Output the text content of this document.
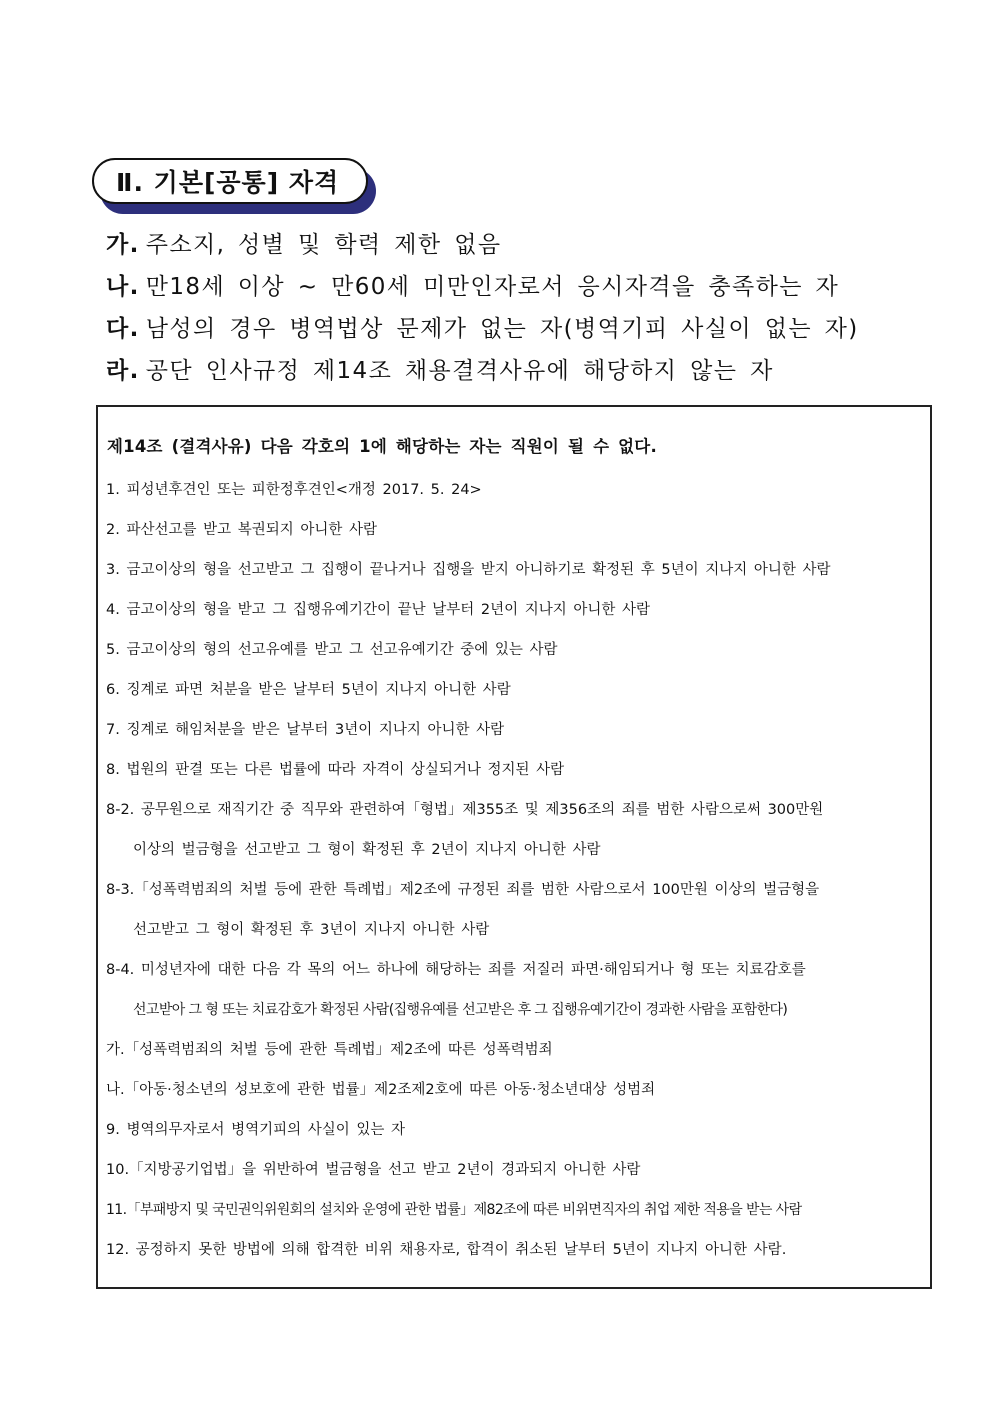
Ⅱ. 기본[공통] 자격
가. 주소지, 성별 및 학력 제한 없음
나. 만18세 이상 ~ 만60세 미만인자로서 응시자격을 충족하는 자
다. 남성의 경우 병역법상 문제가 없는 자(병역기피 사실이 없는 자)
라. 공단 인사규정 제14조 채용결격사유에 해당하지 않는 자
제14조 (결격사유) 다음 각호의 1에 해당하는 자는 직원이 될 수 없다.
1. 피성년후견인 또는 피한정후견인<개정 2017. 5. 24>
2. 파산선고를 받고 복권되지 아니한 사람
3. 금고이상의 형을 선고받고 그 집행이 끝나거나 집행을 받지 아니하기로 확정된 후 5년이 지나지 아니한 사람
4. 금고이상의 형을 받고 그 집행유예기간이 끝난 날부터 2년이 지나지 아니한 사람
5. 금고이상의 형의 선고유예를 받고 그 선고유예기간 중에 있는 사람
6. 징계로 파면 처분을 받은 날부터 5년이 지나지 아니한 사람
7. 징계로 해임처분을 받은 날부터 3년이 지나지 아니한 사람
8. 법원의 판결 또는 다른 법률에 따라 자격이 상실되거나 정지된 사람
8-2. 공무원으로 재직기간 중 직무와 관련하여「형법」제355조 및 제356조의 죄를 범한 사람으로써 300만원
이상의 벌금형을 선고받고 그 형이 확정된 후 2년이 지나지 아니한 사람
8-3.「성폭력범죄의 처벌 등에 관한 특례법」제2조에 규정된 죄를 범한 사람으로서 100만원 이상의 벌금형을
선고받고 그 형이 확정된 후 3년이 지나지 아니한 사람
8-4. 미성년자에 대한 다음 각 목의 어느 하나에 해당하는 죄를 저질러 파면·해임되거나 형 또는 치료감호를
선고받아 그 형 또는 치료감호가 확정된 사람(집행유예를 선고받은 후 그 집행유예기간이 경과한 사람을 포함한다)
가.「성폭력범죄의 처벌 등에 관한 특례법」제2조에 따른 성폭력범죄
나.「아동·청소년의 성보호에 관한 법률」제2조제2호에 따른 아동·청소년대상 성범죄
9. 병역의무자로서 병역기피의 사실이 있는 자
10.「지방공기업법」을 위반하여 벌금형을 선고 받고 2년이 경과되지 아니한 사람
11.「부패방지 및 국민권익위원회의 설치와 운영에 관한 법률」제82조에 따른 비위면직자의 취업 제한 적용을 받는 사람
12. 공정하지 못한 방법에 의해 합격한 비위 채용자로, 합격이 취소된 날부터 5년이 지나지 아니한 사람.
